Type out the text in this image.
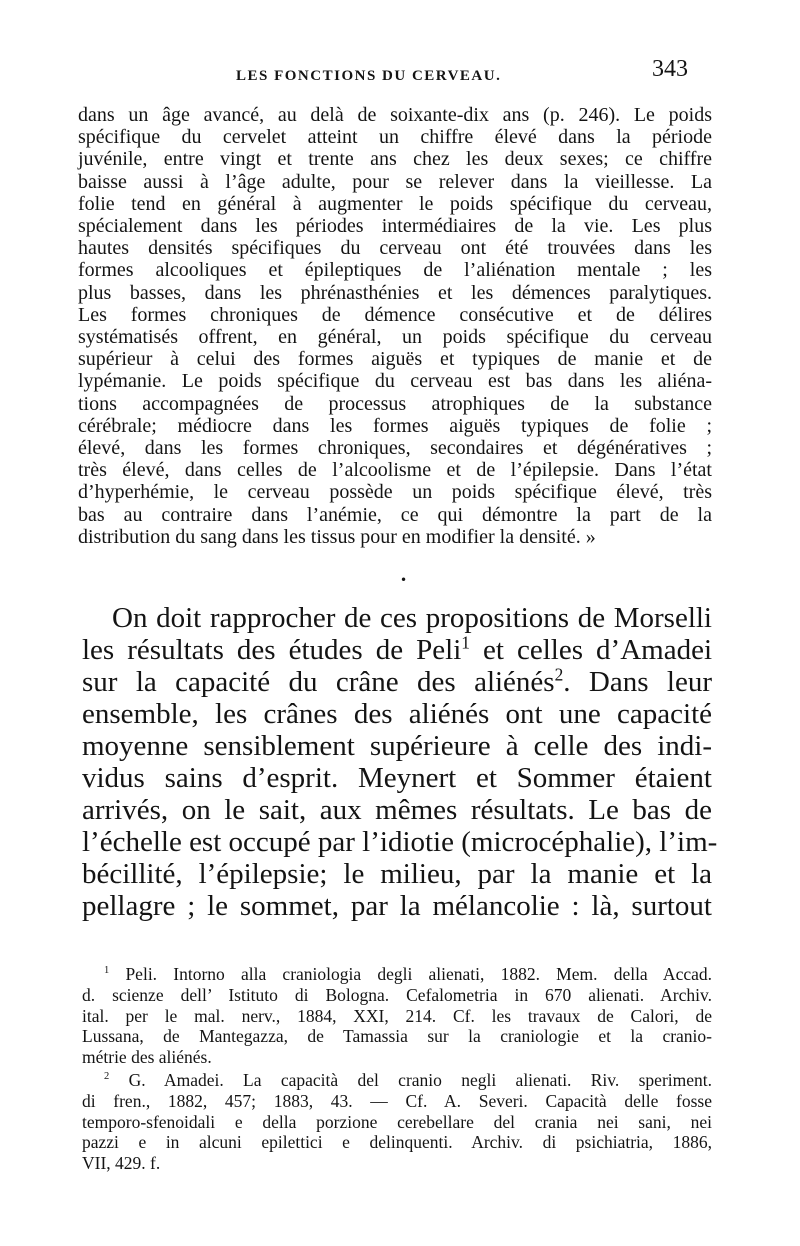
LES FONCTIONS DU CERVEAU.	343
dans un âge avancé, au delà de soixante-dix ans (p. 246). Le poids
spécifique du cervelet atteint un chiffre élevé dans la période
juvénile, entre vingt et trente ans chez les deux sexes; ce chiffre
baisse aussi à l’âge adulte, pour se relever dans la vieillesse. La
folie tend en général à augmenter le poids spécifique du cerveau,
spécialement dans les périodes intermédiaires de la vie. Les plus
hautes densités spécifiques du cerveau ont été trouvées dans les
formes alcooliques et épileptiques de l’aliénation mentale ; les
plus basses, dans les phrénasthénies et les démences paralytiques.
Les formes chroniques de démence consécutive et de délires
systématisés offrent, en général, un poids spécifique du cerveau
supérieur à celui des formes aiguës et typiques de manie et de
lypémanie. Le poids spécifique du cerveau est bas dans les aliéna-
tions accompagnées de processus atrophiques de la substance
cérébrale; médiocre dans les formes aiguës typiques de folie ;
élevé, dans les formes chroniques, secondaires et dégénératives ;
très élevé, dans celles de l’alcoolisme et de l’épilepsie. Dans l’état
d’hyperhémie, le cerveau possède un poids spécifique élevé, très
bas au contraire dans l’anémie, ce qui démontre la part de la
distribution du sang dans les tissus pour en modifier la densité. »
•
On doit rapprocher de ces propositions de Morselli
les résultats des études de Peli$^1$ et celles d’Amadei
sur la capacité du crâne des aliénés$^2$. Dans leur
ensemble, les crânes des aliénés ont une capacité
moyenne sensiblement supérieure à celle des indi-
vidus sains d’esprit. Meynert et Sommer étaient
arrivés, on le sait, aux mêmes résultats. Le bas de
l’échelle est occupé par l’idiotie (microcéphalie), l’im-
bécillité, l’épilepsie; le milieu, par la manie et la
pellagre ; le sommet, par la mélancolie : là, surtout
$^1$ Peli. Intorno alla craniologia degli alienati, 1882. Mem. della Accad.
d. scienze dell’ Istituto di Bologna. Cefalometria in 670 alienati. Archiv.
ital. per le mal. nerv., 1884, XXI, 214. Cf. les travaux de Calori, de
Lussana, de Mantegazza, de Tamassia sur la craniologie et la cranio-
métrie des aliénés.
$^2$ G. Amadei. La capacità del cranio negli alienati. Riv. speriment.
di fren., 1882, 457; 1883, 43. — Cf. A. Severi. Capacità delle fosse
temporo-sfenoidali e della porzione cerebellare del crania nei sani, nei
pazzi e in alcuni epilettici e delinquenti. Archiv. di psichiatria, 1886,
VII, 429. f.
